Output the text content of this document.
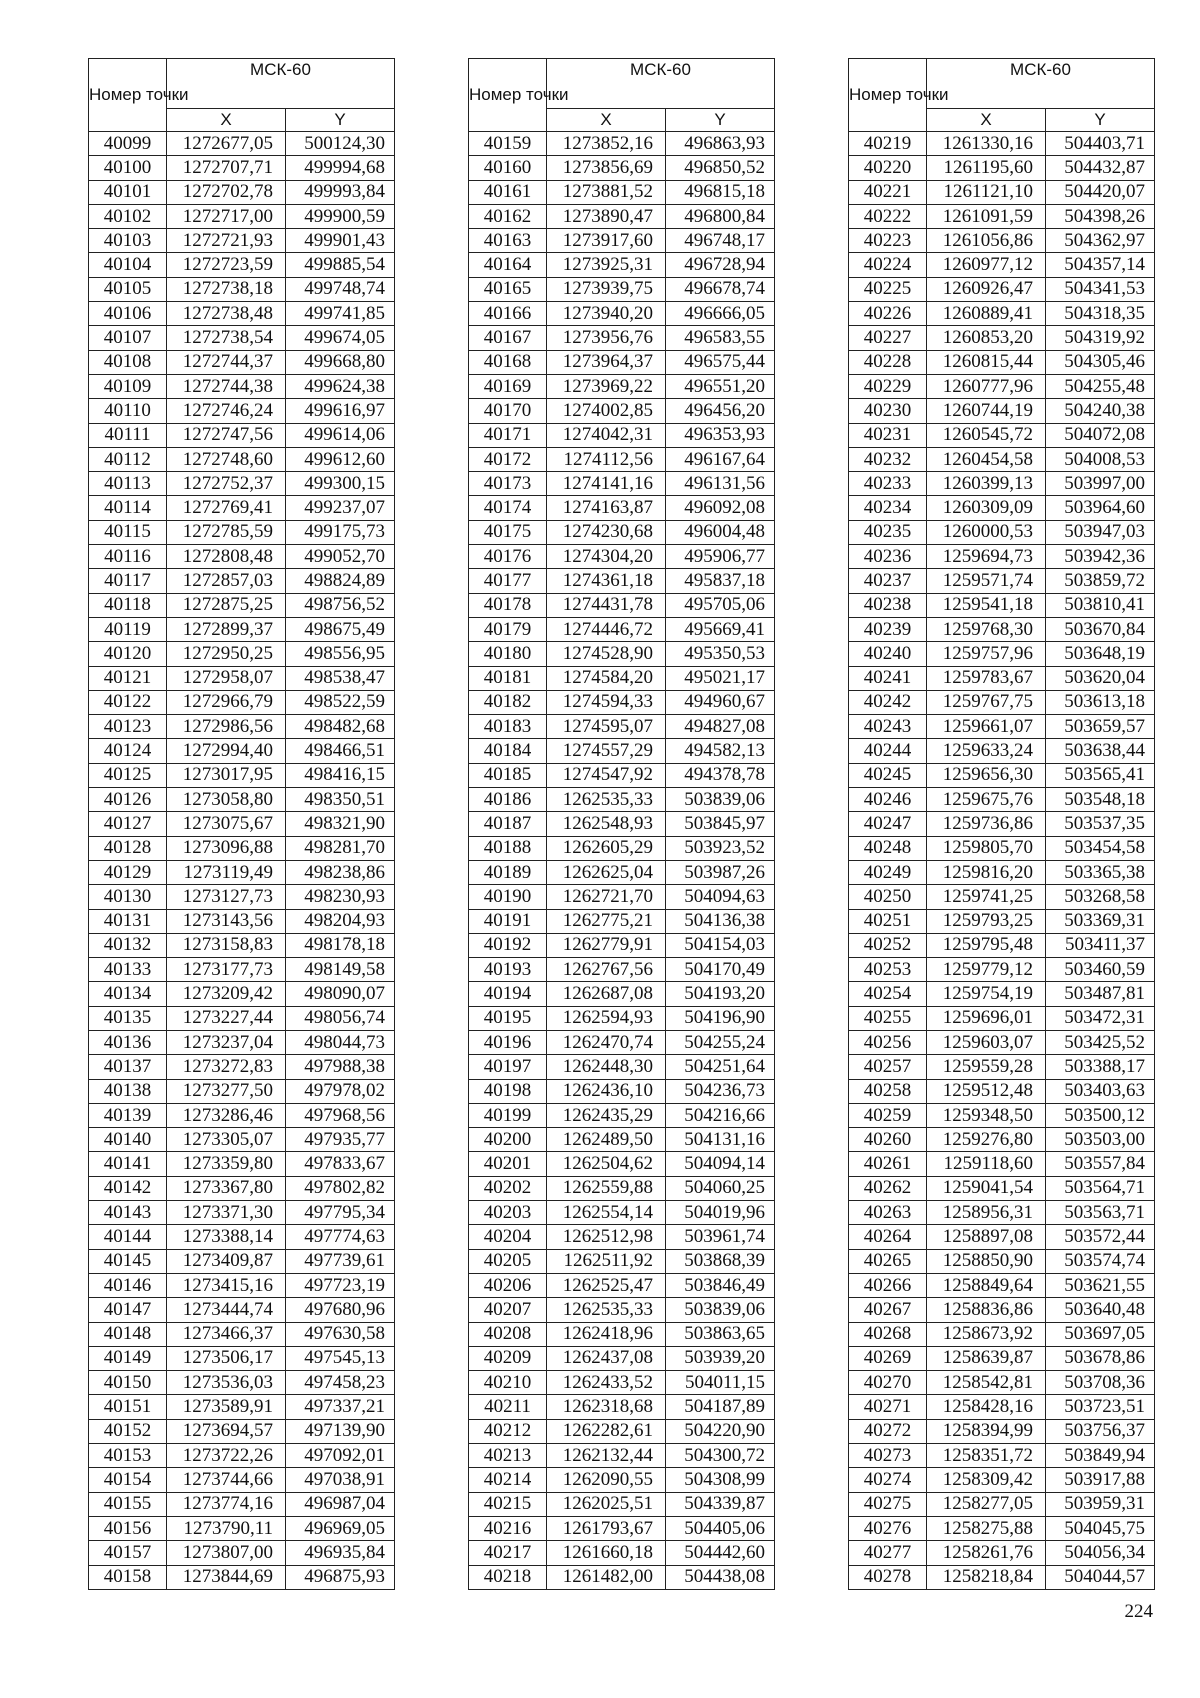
Номер точки	МСК-60	
	X	Y
40099	1272677,05	500124,30
40100	1272707,71	499994,68
40101	1272702,78	499993,84
40102	1272717,00	499900,59
40103	1272721,93	499901,43
40104	1272723,59	499885,54
40105	1272738,18	499748,74
40106	1272738,48	499741,85
40107	1272738,54	499674,05
40108	1272744,37	499668,80
40109	1272744,38	499624,38
40110	1272746,24	499616,97
40111	1272747,56	499614,06
40112	1272748,60	499612,60
40113	1272752,37	499300,15
40114	1272769,41	499237,07
40115	1272785,59	499175,73
40116	1272808,48	499052,70
40117	1272857,03	498824,89
40118	1272875,25	498756,52
40119	1272899,37	498675,49
40120	1272950,25	498556,95
40121	1272958,07	498538,47
40122	1272966,79	498522,59
40123	1272986,56	498482,68
40124	1272994,40	498466,51
40125	1273017,95	498416,15
40126	1273058,80	498350,51
40127	1273075,67	498321,90
40128	1273096,88	498281,70
40129	1273119,49	498238,86
40130	1273127,73	498230,93
40131	1273143,56	498204,93
40132	1273158,83	498178,18
40133	1273177,73	498149,58
40134	1273209,42	498090,07
40135	1273227,44	498056,74
40136	1273237,04	498044,73
40137	1273272,83	497988,38
40138	1273277,50	497978,02
40139	1273286,46	497968,56
40140	1273305,07	497935,77
40141	1273359,80	497833,67
40142	1273367,80	497802,82
40143	1273371,30	497795,34
40144	1273388,14	497774,63
40145	1273409,87	497739,61
40146	1273415,16	497723,19
40147	1273444,74	497680,96
40148	1273466,37	497630,58
40149	1273506,17	497545,13
40150	1273536,03	497458,23
40151	1273589,91	497337,21
40152	1273694,57	497139,90
40153	1273722,26	497092,01
40154	1273744,66	497038,91
40155	1273774,16	496987,04
40156	1273790,11	496969,05
40157	1273807,00	496935,84
40158	1273844,69	496875,93
Номер точки	МСК-60	
	X	Y
40159	1273852,16	496863,93
40160	1273856,69	496850,52
40161	1273881,52	496815,18
40162	1273890,47	496800,84
40163	1273917,60	496748,17
40164	1273925,31	496728,94
40165	1273939,75	496678,74
40166	1273940,20	496666,05
40167	1273956,76	496583,55
40168	1273964,37	496575,44
40169	1273969,22	496551,20
40170	1274002,85	496456,20
40171	1274042,31	496353,93
40172	1274112,56	496167,64
40173	1274141,16	496131,56
40174	1274163,87	496092,08
40175	1274230,68	496004,48
40176	1274304,20	495906,77
40177	1274361,18	495837,18
40178	1274431,78	495705,06
40179	1274446,72	495669,41
40180	1274528,90	495350,53
40181	1274584,20	495021,17
40182	1274594,33	494960,67
40183	1274595,07	494827,08
40184	1274557,29	494582,13
40185	1274547,92	494378,78
40186	1262535,33	503839,06
40187	1262548,93	503845,97
40188	1262605,29	503923,52
40189	1262625,04	503987,26
40190	1262721,70	504094,63
40191	1262775,21	504136,38
40192	1262779,91	504154,03
40193	1262767,56	504170,49
40194	1262687,08	504193,20
40195	1262594,93	504196,90
40196	1262470,74	504255,24
40197	1262448,30	504251,64
40198	1262436,10	504236,73
40199	1262435,29	504216,66
40200	1262489,50	504131,16
40201	1262504,62	504094,14
40202	1262559,88	504060,25
40203	1262554,14	504019,96
40204	1262512,98	503961,74
40205	1262511,92	503868,39
40206	1262525,47	503846,49
40207	1262535,33	503839,06
40208	1262418,96	503863,65
40209	1262437,08	503939,20
40210	1262433,52	504011,15
40211	1262318,68	504187,89
40212	1262282,61	504220,90
40213	1262132,44	504300,72
40214	1262090,55	504308,99
40215	1262025,51	504339,87
40216	1261793,67	504405,06
40217	1261660,18	504442,60
40218	1261482,00	504438,08
Номер точки	МСК-60	
	X	Y
40219	1261330,16	504403,71
40220	1261195,60	504432,87
40221	1261121,10	504420,07
40222	1261091,59	504398,26
40223	1261056,86	504362,97
40224	1260977,12	504357,14
40225	1260926,47	504341,53
40226	1260889,41	504318,35
40227	1260853,20	504319,92
40228	1260815,44	504305,46
40229	1260777,96	504255,48
40230	1260744,19	504240,38
40231	1260545,72	504072,08
40232	1260454,58	504008,53
40233	1260399,13	503997,00
40234	1260309,09	503964,60
40235	1260000,53	503947,03
40236	1259694,73	503942,36
40237	1259571,74	503859,72
40238	1259541,18	503810,41
40239	1259768,30	503670,84
40240	1259757,96	503648,19
40241	1259783,67	503620,04
40242	1259767,75	503613,18
40243	1259661,07	503659,57
40244	1259633,24	503638,44
40245	1259656,30	503565,41
40246	1259675,76	503548,18
40247	1259736,86	503537,35
40248	1259805,70	503454,58
40249	1259816,20	503365,38
40250	1259741,25	503268,58
40251	1259793,25	503369,31
40252	1259795,48	503411,37
40253	1259779,12	503460,59
40254	1259754,19	503487,81
40255	1259696,01	503472,31
40256	1259603,07	503425,52
40257	1259559,28	503388,17
40258	1259512,48	503403,63
40259	1259348,50	503500,12
40260	1259276,80	503503,00
40261	1259118,60	503557,84
40262	1259041,54	503564,71
40263	1258956,31	503563,71
40264	1258897,08	503572,44
40265	1258850,90	503574,74
40266	1258849,64	503621,55
40267	1258836,86	503640,48
40268	1258673,92	503697,05
40269	1258639,87	503678,86
40270	1258542,81	503708,36
40271	1258428,16	503723,51
40272	1258394,99	503756,37
40273	1258351,72	503849,94
40274	1258309,42	503917,88
40275	1258277,05	503959,31
40276	1258275,88	504045,75
40277	1258261,76	504056,34
40278	1258218,84	504044,57
224
